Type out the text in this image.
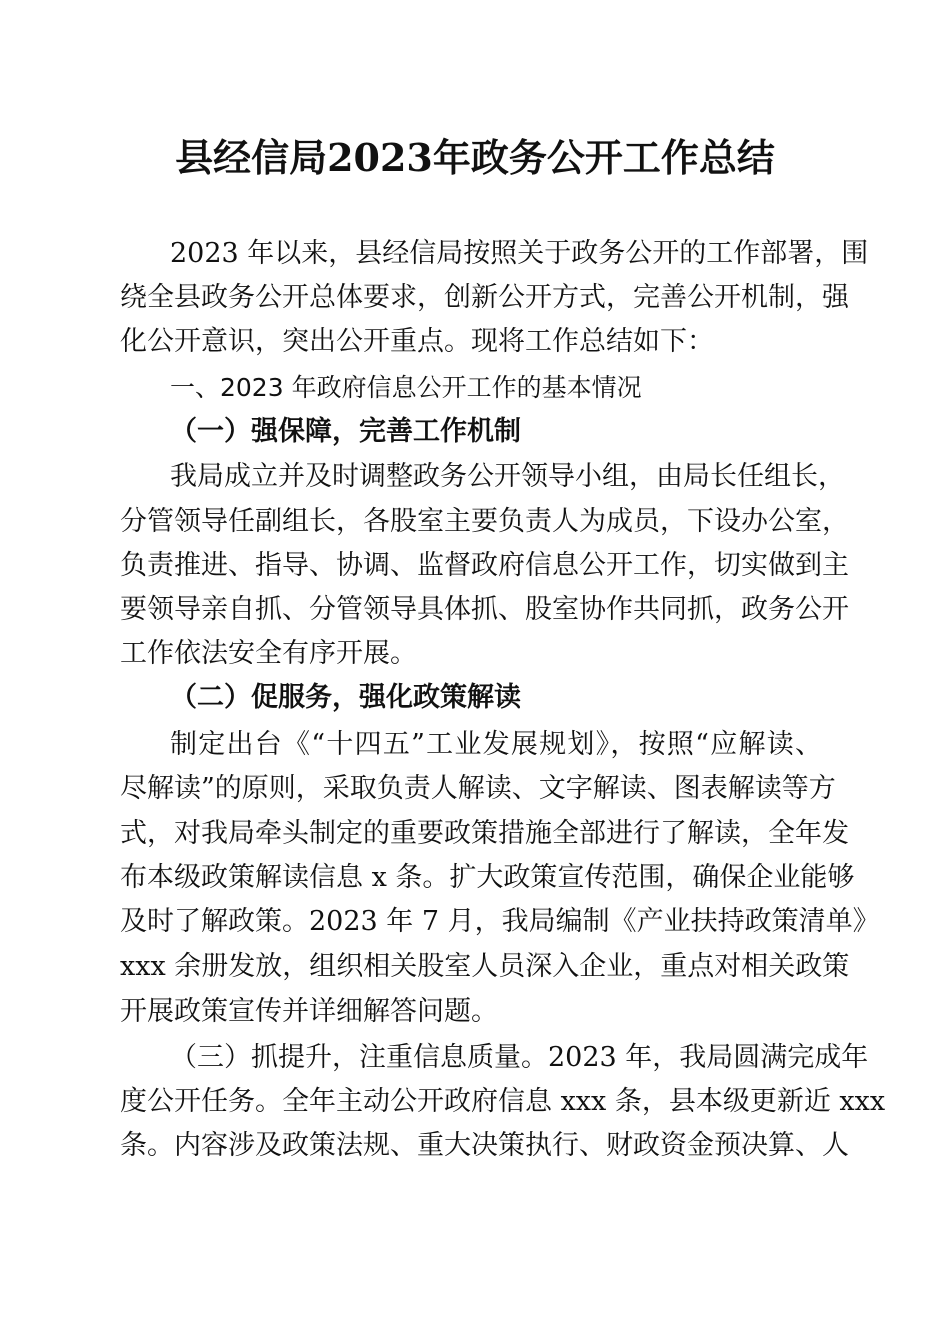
县经信局2023年政务公开工作总结
2023 年以来，县经信局按照关于政务公开的工作部署，围
绕全县政务公开总体要求，创新公开方式，完善公开机制，强
化公开意识，突出公开重点。现将工作总结如下：
一、2023 年政府信息公开工作的基本情况
（一）强保障，完善工作机制
我局成立并及时调整政务公开领导小组，由局长任组长，
分管领导任副组长，各股室主要负责人为成员，下设办公室，
负责推进、指导、协调、监督政府信息公开工作，切实做到主
要领导亲自抓、分管领导具体抓、股室协作共同抓，政务公开
工作依法安全有序开展。
（二）促服务，强化政策解读
制定出台《“十四五”工业发展规划》，按照“应解读、
尽解读”的原则，采取负责人解读、文字解读、图表解读等方
式，对我局牵头制定的重要政策措施全部进行了解读，全年发
布本级政策解读信息 x 条。扩大政策宣传范围，确保企业能够
及时了解政策。2023 年 7 月，我局编制《产业扶持政策清单》
xxx 余册发放，组织相关股室人员深入企业，重点对相关政策
开展政策宣传并详细解答问题。
（三）抓提升，注重信息质量。2023 年，我局圆满完成年
度公开任务。全年主动公开政府信息 xxx 条，县本级更新近 xxx
条。内容涉及政策法规、重大决策执行、财政资金预决算、人
